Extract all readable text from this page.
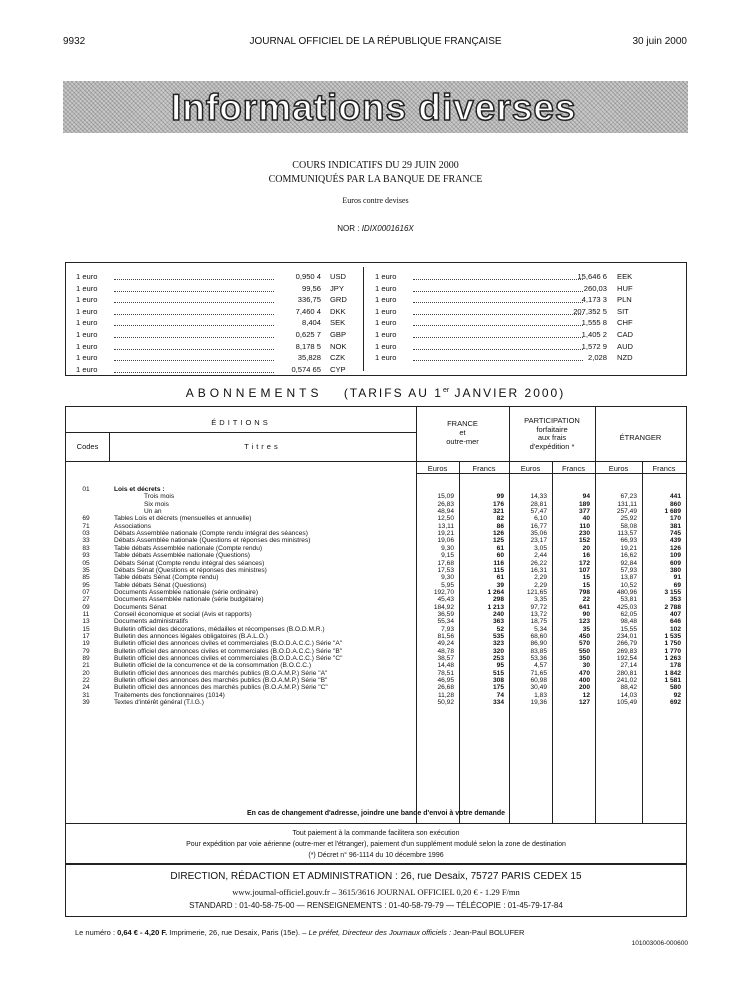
9932	JOURNAL OFFICIEL DE LA RÉPUBLIQUE FRANÇAISE	30 juin 2000
Informations diverses
COURS INDICATIFS DU 29 JUIN 2000
COMMUNIQUÉS PAR LA BANQUE DE FRANCE
Euros contre devises
NOR : IDIX0001616X
1 euro	0,950 4 USD
1 euro	99,56 JPY
1 euro	336,75 GRD
1 euro	7,460 4 DKK
1 euro	8,404 SEK
1 euro	0,625 7 GBP
1 euro	8,178 5 NOK
1 euro	35,828 CZK
1 euro	0,574 65 CYP
1 euro	15,646 6 EEK
1 euro	260,03 HUF
1 euro	4,173 3 PLN
1 euro	207,352 5 SIT
1 euro	1,555 8 CHF
1 euro	1,405 2 CAD
1 euro	1,572 9 AUD
1 euro	2,028 NZD
ABONNEMENTS (TARIFS AU 1er JANVIER 2000)
ÉDITIONS
Codes	Titres
FRANCE
et
outre-mer
PARTICIPATION
forfaitaire
aux frais
d'expédition *
ÉTRANGER
Euros	Francs	Euros	Francs	Euros	Francs
01	Lois et décrets :
Trois mois	15,09	99	14,33	94	67,23	441
Six mois	26,83	176	28,81	189	131,11	860
Un an	48,94	321	57,47	377	257,49	1 689
69	Tables Lois et décrets (mensuelles et annuelle)	12,50	82	6,10	40	25,92	170
71	Associations	13,11	86	16,77	110	58,08	381
03	Débats Assemblée nationale (Compte rendu intégral des séances)	19,21	126	35,06	230	113,57	745
33	Débats Assemblée nationale (Questions et réponses des ministres)	19,06	125	23,17	152	66,93	439
83	Table débats Assemblée nationale (Compte rendu)	9,30	61	3,05	20	19,21	126
93	Table débats Assemblée nationale (Questions)	9,15	60	2,44	16	16,62	109
05	Débats Sénat (Compte rendu intégral des séances)	17,68	116	26,22	172	92,84	609
35	Débats Sénat (Questions et réponses des ministres)	17,53	115	16,31	107	57,93	380
85	Table débats Sénat (Compte rendu)	9,30	61	2,29	15	13,87	91
95	Table débats Sénat (Questions)	5,95	39	2,29	15	10,52	69
07	Documents Assemblée nationale (série ordinaire)	192,70	1 264	121,65	798	480,96	3 155
27	Documents Assemblée nationale (série budgétaire)	45,43	298	3,35	22	53,81	353
09	Documents Sénat	184,92	1 213	97,72	641	425,03	2 788
11	Conseil économique et social (Avis et rapports)	36,59	240	13,72	90	62,05	407
13	Documents administratifs	55,34	363	18,75	123	98,48	646
15	Bulletin officiel des décorations, médailles et récompenses (B.O.D.M.R.)	7,93	52	5,34	35	15,55	102
17	Bulletin des annonces légales obligatoires (B.A.L.O.)	81,56	535	68,60	450	234,01	1 535
19	Bulletin officiel des annonces civiles et commerciales (B.O.D.A.C.C.) Série "A"	49,24	323	86,90	570	266,79	1 750
79	Bulletin officiel des annonces civiles et commerciales (B.O.D.A.C.C.) Série "B"	48,78	320	83,85	550	269,83	1 770
89	Bulletin officiel des annonces civiles et commerciales (B.O.D.A.C.C.) Série "C"	38,57	253	53,36	350	192,54	1 263
21	Bulletin officiel de la concurrence et de la consommation (B.O.C.C.)	14,48	95	4,57	30	27,14	178
20	Bulletin officiel des annonces des marchés publics (B.O.A.M.P.) Série "A"	78,51	515	71,65	470	280,81	1 842
22	Bulletin officiel des annonces des marchés publics (B.O.A.M.P.) Série "B"	46,95	308	60,98	400	241,02	1 581
24	Bulletin officiel des annonces des marchés publics (B.O.A.M.P.) Série "C"	26,68	175	30,49	200	88,42	580
31	Traitements des fonctionnaires (1014)	11,28	74	1,83	12	14,03	92
39	Textes d'intérêt général (T.I.G.)	50,92	334	19,36	127	105,49	692
En cas de changement d'adresse, joindre une bande d'envoi à votre demande
Tout paiement à la commande facilitera son exécution
Pour expédition par voie aérienne (outre-mer et l'étranger), paiement d'un supplément modulé selon la zone de destination
(*) Décret n° 96-1114 du 10 décembre 1996
DIRECTION, RÉDACTION ET ADMINISTRATION : 26, rue Desaix, 75727 PARIS CEDEX 15
www.journal-officiel.gouv.fr – 3615/3616 JOURNAL OFFICIEL 0,20 € - 1.29 F/mn
STANDARD : 01-40-58-75-00 — RENSEIGNEMENTS : 01-40-58-79-79 — TÉLÉCOPIE : 01-45-79-17-84
Le numéro : 0,64 € - 4,20 F. Imprimerie, 26, rue Desaix, Paris (15e). – Le préfet, Directeur des Journaux officiels : Jean-Paul BOLUFER
101003006-000600
